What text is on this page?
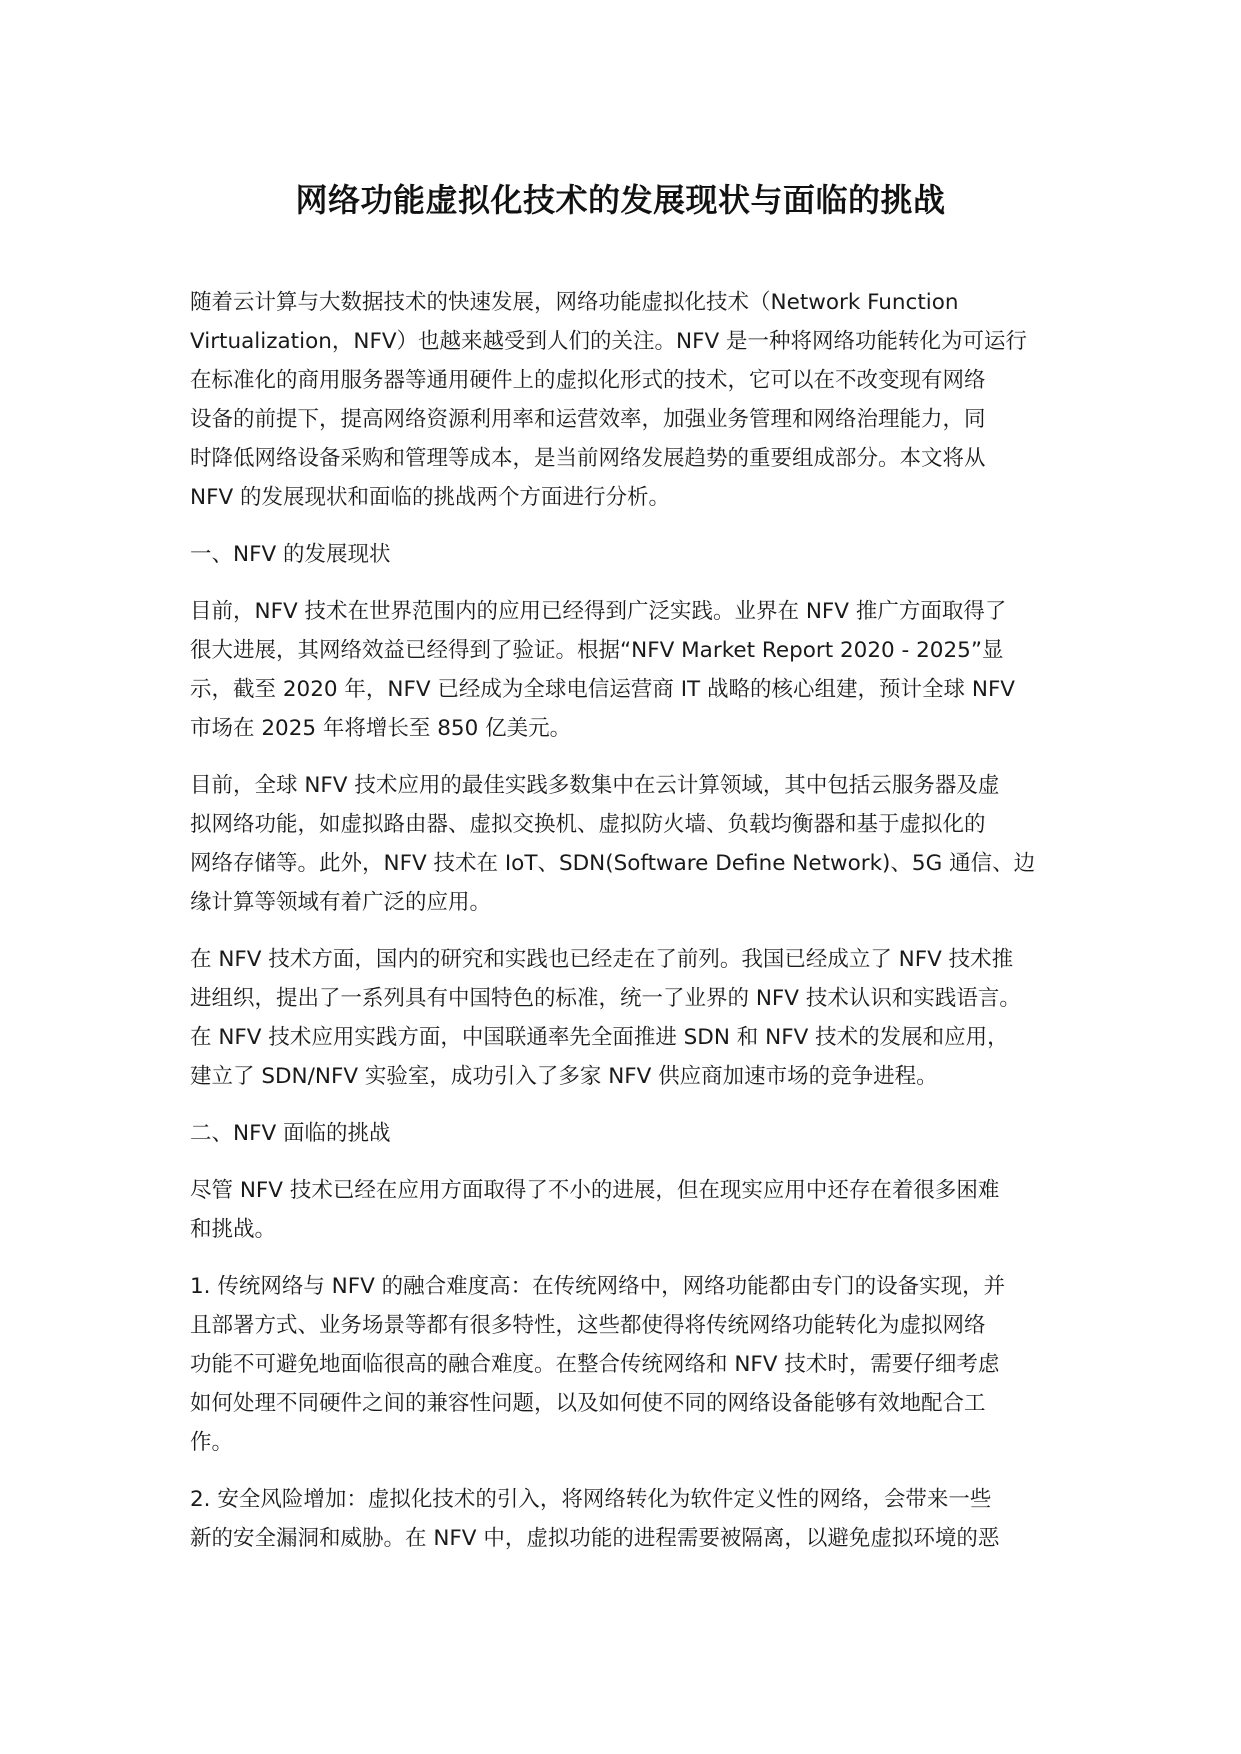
网络功能虚拟化技术的发展现状与面临的挑战

随着云计算与大数据技术的快速发展，网络功能虚拟化技术（Network Function
Virtualization，NFV）也越来越受到人们的关注。NFV 是一种将网络功能转化为可运行
在标准化的商用服务器等通用硬件上的虚拟化形式的技术，它可以在不改变现有网络
设备的前提下，提高网络资源利用率和运营效率，加强业务管理和网络治理能力，同
时降低网络设备采购和管理等成本，是当前网络发展趋势的重要组成部分。本文将从
NFV 的发展现状和面临的挑战两个方面进行分析。

一、NFV 的发展现状

目前，NFV 技术在世界范围内的应用已经得到广泛实践。业界在 NFV 推广方面取得了
很大进展，其网络效益已经得到了验证。根据“NFV Market Report 2020 - 2025”显
示，截至 2020 年，NFV 已经成为全球电信运营商 IT 战略的核心组建，预计全球 NFV
市场在 2025 年将增长至 850 亿美元。

目前，全球 NFV 技术应用的最佳实践多数集中在云计算领域，其中包括云服务器及虚
拟网络功能，如虚拟路由器、虚拟交换机、虚拟防火墙、负载均衡器和基于虚拟化的
网络存储等。此外，NFV 技术在 IoT、SDN(Software Define Network)、5G 通信、边
缘计算等领域有着广泛的应用。

在 NFV 技术方面，国内的研究和实践也已经走在了前列。我国已经成立了 NFV 技术推
进组织，提出了一系列具有中国特色的标准，统一了业界的 NFV 技术认识和实践语言。
在 NFV 技术应用实践方面，中国联通率先全面推进 SDN 和 NFV 技术的发展和应用，
建立了 SDN/NFV 实验室，成功引入了多家 NFV 供应商加速市场的竞争进程。

二、NFV 面临的挑战

尽管 NFV 技术已经在应用方面取得了不小的进展，但在现实应用中还存在着很多困难
和挑战。

1. 传统网络与 NFV 的融合难度高：在传统网络中，网络功能都由专门的设备实现，并
且部署方式、业务场景等都有很多特性，这些都使得将传统网络功能转化为虚拟网络
功能不可避免地面临很高的融合难度。在整合传统网络和 NFV 技术时，需要仔细考虑
如何处理不同硬件之间的兼容性问题，以及如何使不同的网络设备能够有效地配合工
作。

2. 安全风险增加：虚拟化技术的引入，将网络转化为软件定义性的网络，会带来一些
新的安全漏洞和威胁。在 NFV 中，虚拟功能的进程需要被隔离，以避免虚拟环境的恶
